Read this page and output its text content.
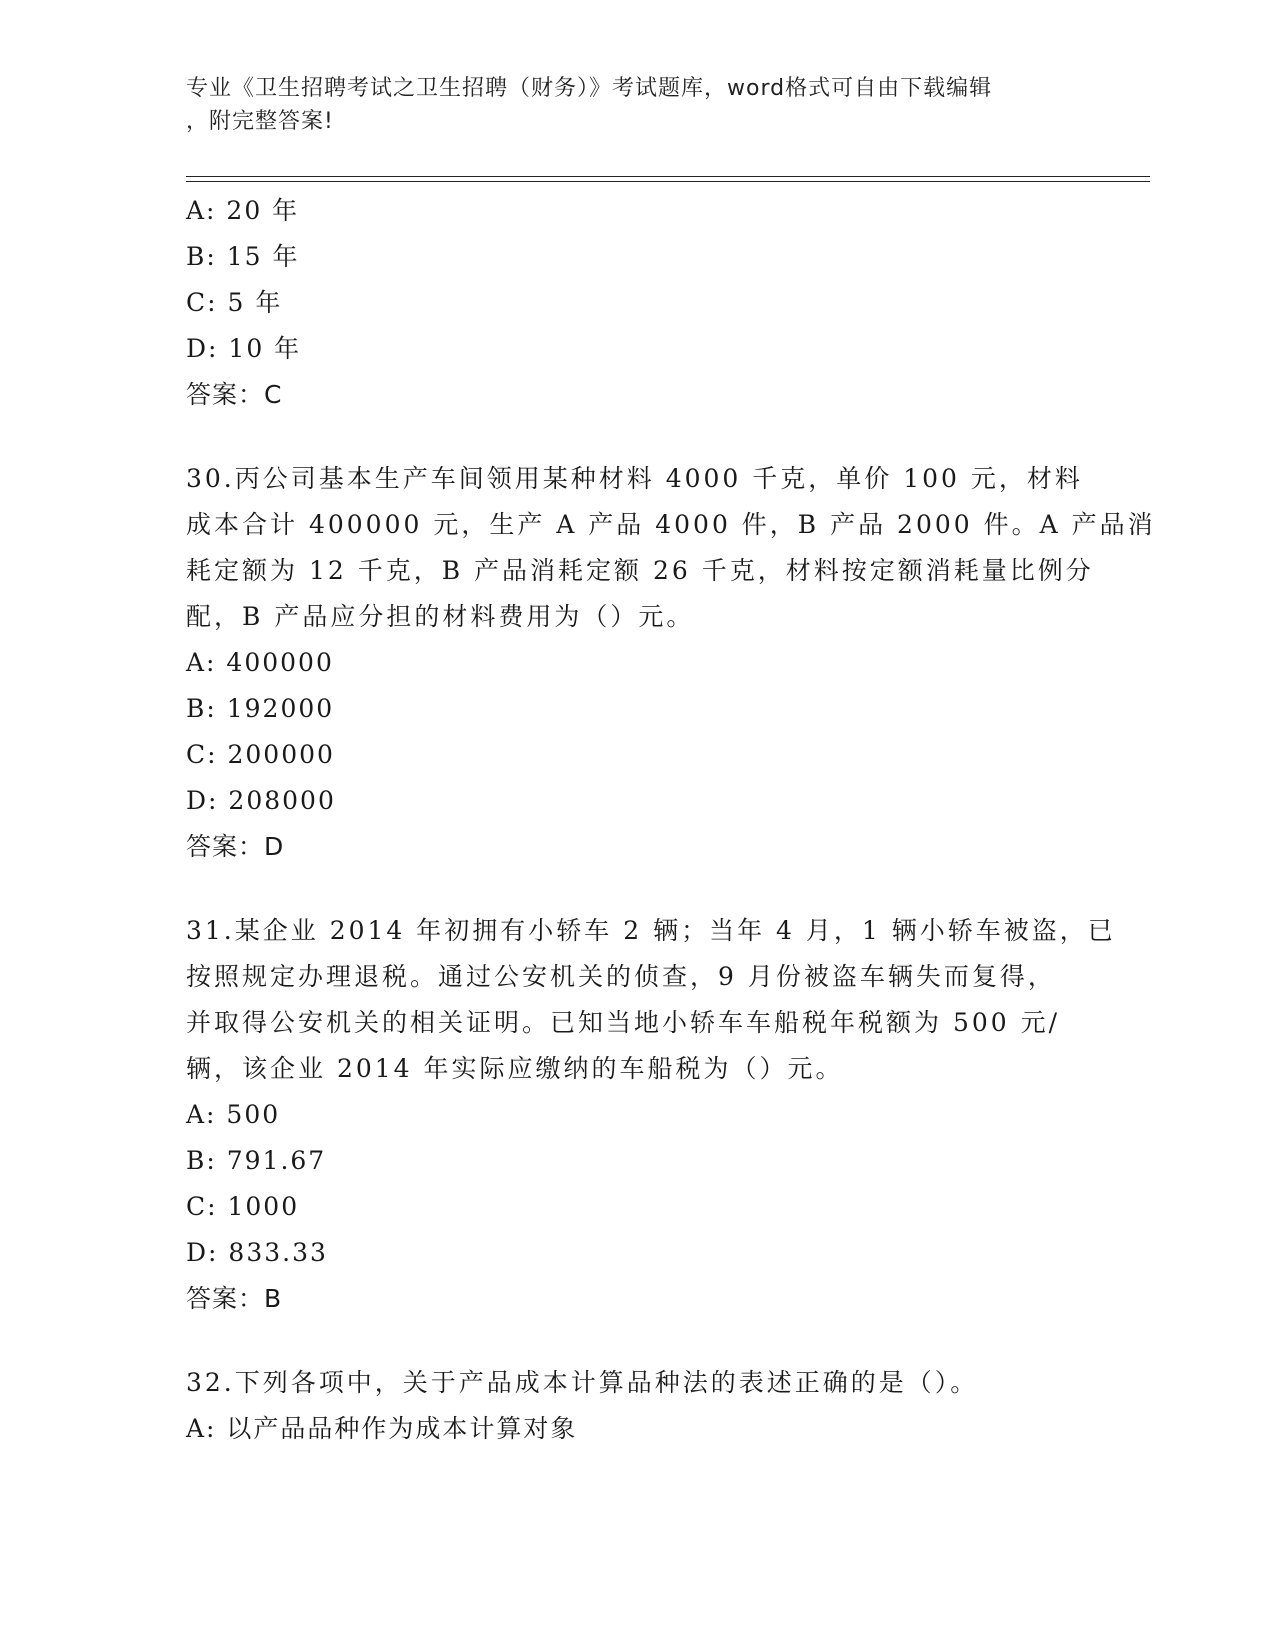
专业《卫生招聘考试之卫生招聘（财务）》考试题库，word格式可自由下载编辑
，附完整答案!
A: 20 年
B: 15 年
C: 5 年
D: 10 年
答案：C
30.丙公司基本生产车间领用某种材料 4000 千克，单价 100 元，材料
成本合计 400000 元，生产 A 产品 4000 件，B 产品 2000 件。A 产品消
耗定额为 12 千克，B 产品消耗定额 26 千克，材料按定额消耗量比例分
配，B 产品应分担的材料费用为（）元。
A: 400000
B: 192000
C: 200000
D: 208000
答案：D
31.某企业 2014 年初拥有小轿车 2 辆；当年 4 月，1 辆小轿车被盗，已
按照规定办理退税。通过公安机关的侦查，9 月份被盗车辆失而复得，
并取得公安机关的相关证明。已知当地小轿车车船税年税额为 500 元/
辆，该企业 2014 年实际应缴纳的车船税为（）元。
A: 500
B: 791.67
C: 1000
D: 833.33
答案：B
32.下列各项中，关于产品成本计算品种法的表述正确的是（）。
A: 以产品品种作为成本计算对象
